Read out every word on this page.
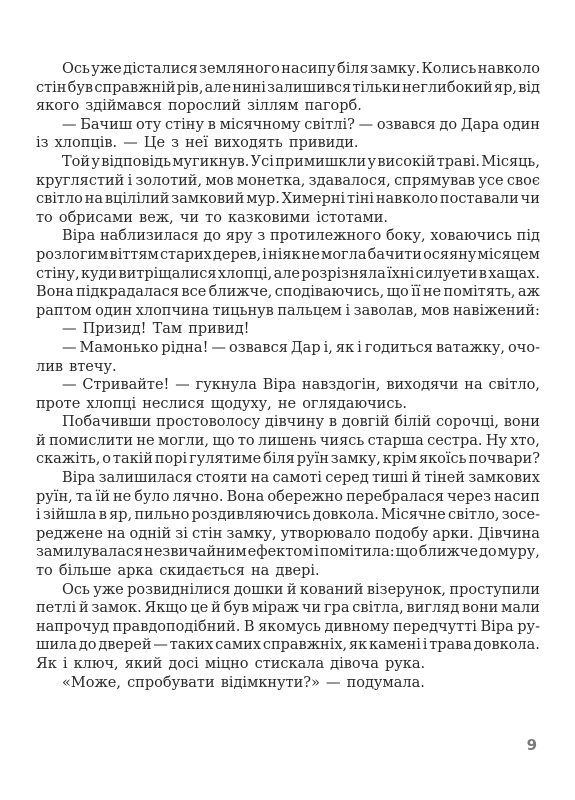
Ось уже дісталися земляного насипу біля замку. Колись навколо
стін був справжній рів, але нині залишився тільки неглибокий яр, від
якого здіймався порослий зіллям пагорб.
— Бачиш оту стіну в місячному світлі? — озвався до Дара один
із хлопців. — Це з неї виходять привиди.
Той у відповідь мугикнув. Усі примишкли у високій траві. Місяць,
круглястий і золотий, мов монетка, здавалося, спрямував усе своє
світло на вцілілий замковий мур. Химерні тіні навколо поставали чи
то обрисами веж, чи то казковими істотами.
Віра наблизилася до яру з протилежного боку, ховаючись під
розлогим віттям старих дерев, і ніяк не могла бачити осяяну місяцем
стіну, куди витріщалися хлопці, але розрізняла їхні силуети в хащах.
Вона підкрадалася все ближче, сподіваючись, що її не помітять, аж
раптом один хлопчина тицьнув пальцем і заволав, мов навіжений:
— Призид! Там привид!
— Мамонько рідна! — озвався Дар і, як і годиться ватажку, очо-
лив втечу.
— Стривайте! — гукнула Віра навздогін, виходячи на світло,
проте хлопці неслися щодуху, не оглядаючись.
Побачивши простоволосу дівчину в довгій білій сорочці, вони
й помислити не могли, що то лишень чиясь старша сестра. Ну хто,
скажіть, о такій порі гулятиме біля руїн замку, крім якоїсь почвари?
Віра залишилася стояти на самоті серед тиші й тіней замкових
руїн, та їй не було лячно. Вона обережно перебралася через насип
і зійшла в яр, пильно роздивляючись довкола. Місячне світло, зосе-
реджене на одній зі стін замку, утворювало подобу арки. Дівчина
замилувалася незвичайним ефектом і помітила: що ближче до муру,
то більше арка скидається на двері.
Ось уже розвиднілися дошки й кований візерунок, проступили
петлі й замок. Якщо це й був міраж чи гра світла, вигляд вони мали
напрочуд правдоподібний. В якомусь дивному передчутті Віра ру-
шила до дверей — таких самих справжніх, як камені і трава довкола.
Як і ключ, який досі міцно стискала дівоча рука.
«Може, спробувати відімкнути?» — подумала.
9
